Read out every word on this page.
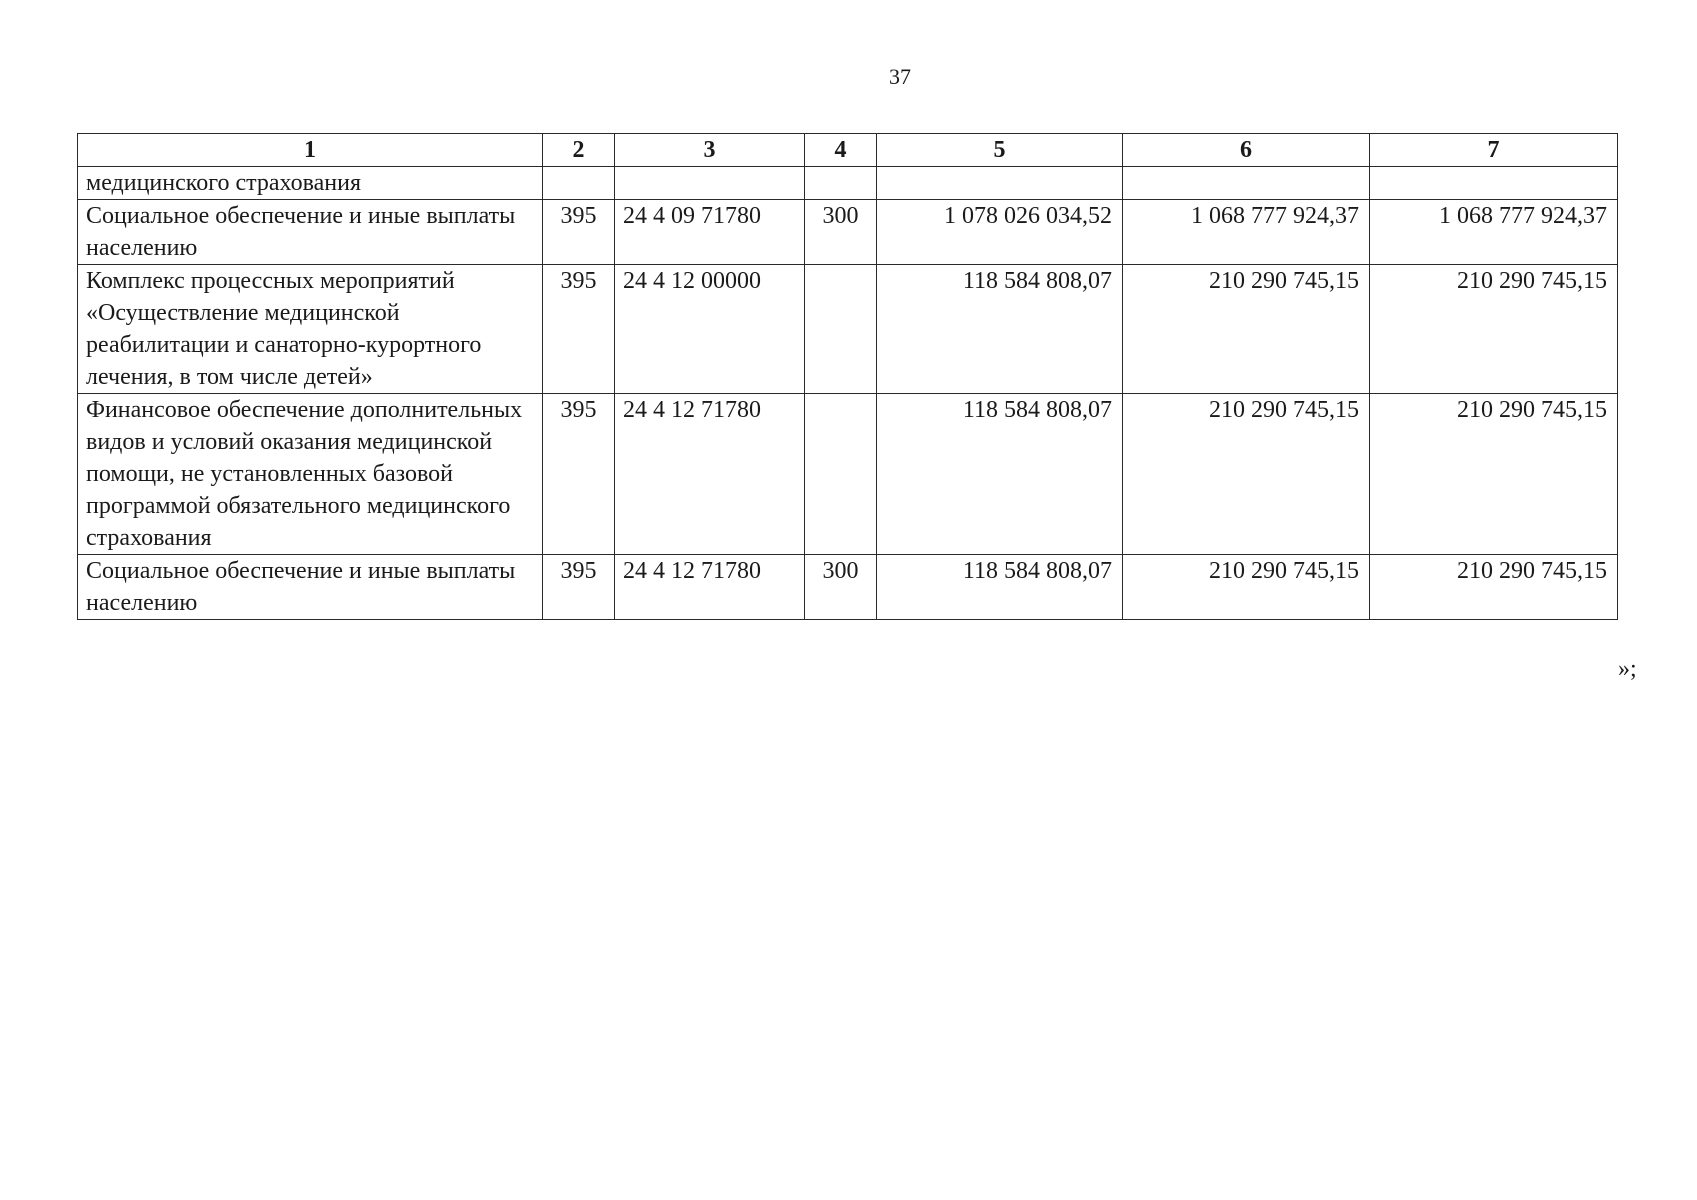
37
1	2	3	4	5	6	7
медицинского страхования						
Социальное обеспечение и иные выплаты населению	395	24 4 09 71780	300	1 078 026 034,52	1 068 777 924,37	1 068 777 924,37
Комплекс процессных мероприятий «Осуществление медицинской реабилитации и санаторно-курортного лечения, в том числе детей»	395	24 4 12 00000		118 584 808,07	210 290 745,15	210 290 745,15
Финансовое обеспечение дополнительных видов и условий оказания медицинской помощи, не установленных базовой программой обязательного медицинского страхования	395	24 4 12 71780		118 584 808,07	210 290 745,15	210 290 745,15
Социальное обеспечение и иные выплаты населению	395	24 4 12 71780	300	118 584 808,07	210 290 745,15	210 290 745,15
»;
